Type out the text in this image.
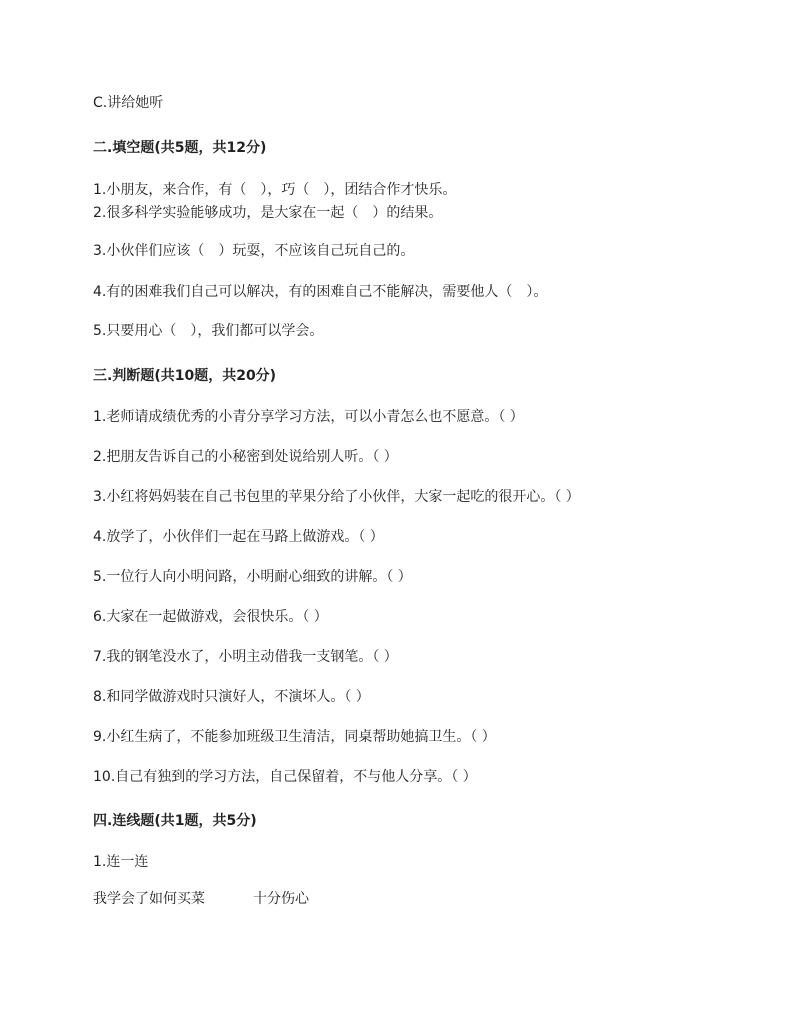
C.讲给她听
二.填空题(共5题，共12分)
1.小朋友，来合作，有（　），巧（　），团结合作才快乐。
2.很多科学实验能够成功，是大家在一起（　）的结果。
3.小伙伴们应该（　）玩耍，不应该自己玩自己的。
4.有的困难我们自己可以解决，有的困难自己不能解决，需要他人（　）。
5.只要用心（　），我们都可以学会。
三.判断题(共10题，共20分)
1.老师请成绩优秀的小青分享学习方法，可以小青怎么也不愿意。（ ）
2.把朋友告诉自己的小秘密到处说给别人听。（ ）
3.小红将妈妈装在自己书包里的苹果分给了小伙伴，大家一起吃的很开心。（ ）
4.放学了，小伙伴们一起在马路上做游戏。（ ）
5.一位行人向小明问路，小明耐心细致的讲解。（ ）
6.大家在一起做游戏，会很快乐。（ ）
7.我的钢笔没水了，小明主动借我一支钢笔。（ ）
8.和同学做游戏时只演好人，不演坏人。（ ）
9.小红生病了，不能参加班级卫生清洁，同桌帮助她搞卫生。（ ）
10.自己有独到的学习方法，自己保留着，不与他人分享。（ ）
四.连线题(共1题，共5分)
1.连一连
我学会了如何买菜	十分伤心
